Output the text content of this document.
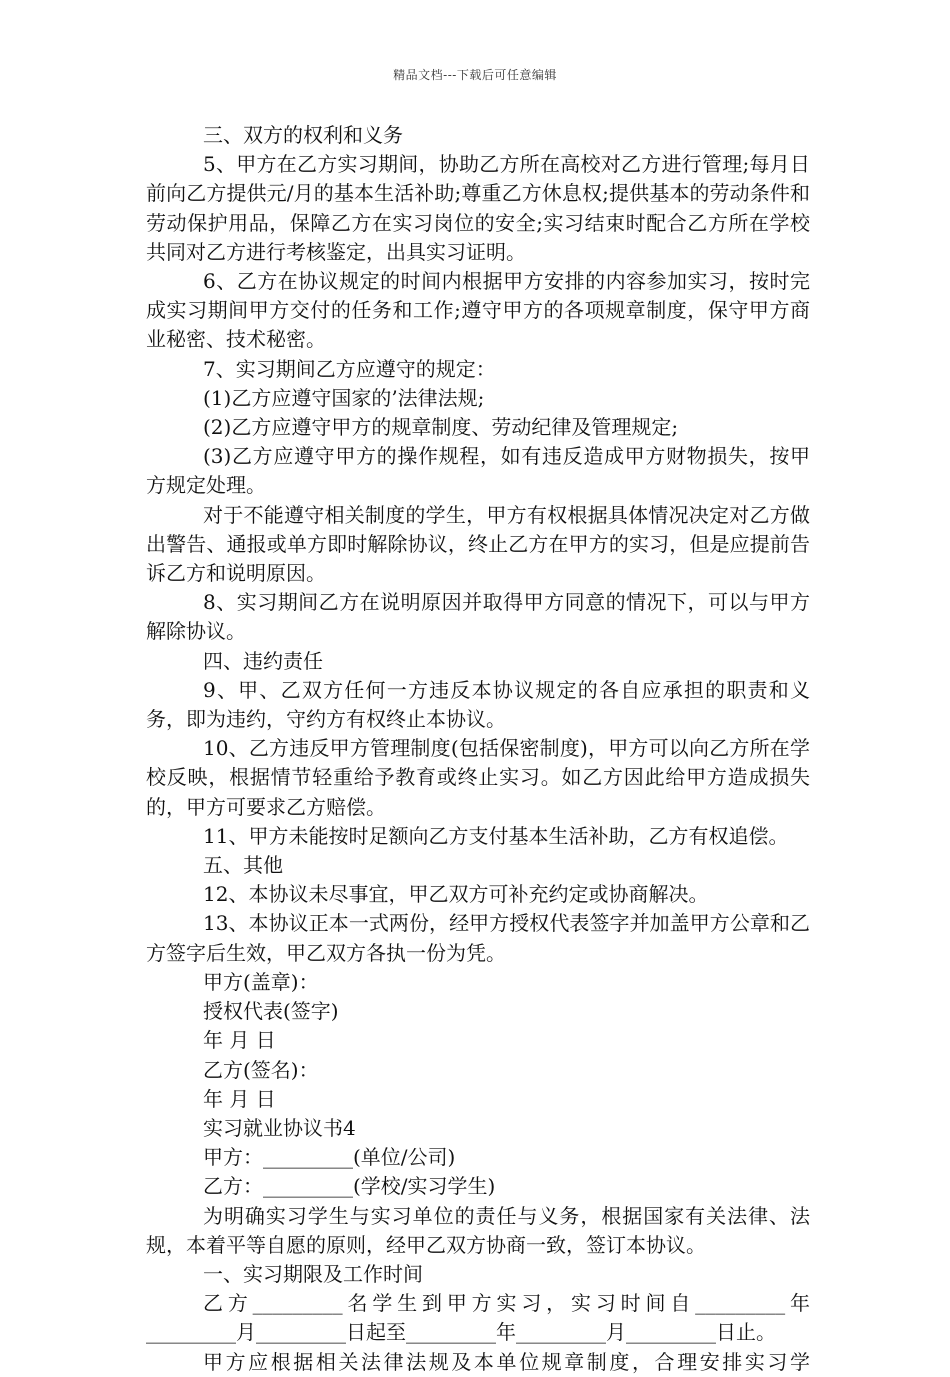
精品文档---下载后可任意编辑

三、双方的权利和义务

5、甲方在乙方实习期间，协助乙方所在高校对乙方进行管理;每月日前向乙方提供元/月的基本生活补助;尊重乙方休息权;提供基本的劳动条件和劳动保护用品，保障乙方在实习岗位的安全;实习结束时配合乙方所在学校共同对乙方进行考核鉴定，出具实习证明。

6、乙方在协议规定的时间内根据甲方安排的内容参加实习，按时完成实习期间甲方交付的任务和工作;遵守甲方的各项规章制度，保守甲方商业秘密、技术秘密。

7、实习期间乙方应遵守的规定：

(1)乙方应遵守国家的’法律法规;

(2)乙方应遵守甲方的规章制度、劳动纪律及管理规定;

(3)乙方应遵守甲方的操作规程，如有违反造成甲方财物损失，按甲方规定处理。

对于不能遵守相关制度的学生，甲方有权根据具体情况决定对乙方做出警告、通报或单方即时解除协议，终止乙方在甲方的实习，但是应提前告诉乙方和说明原因。

8、实习期间乙方在说明原因并取得甲方同意的情况下，可以与甲方解除协议。

四、违约责任

9、甲、乙双方任何一方违反本协议规定的各自应承担的职责和义务，即为违约，守约方有权终止本协议。

10、乙方违反甲方管理制度(包括保密制度)，甲方可以向乙方所在学校反映，根据情节轻重给予教育或终止实习。如乙方因此给甲方造成损失的，甲方可要求乙方赔偿。

11、甲方未能按时足额向乙方支付基本生活补助，乙方有权追偿。

五、其他

12、本协议未尽事宜，甲乙双方可补充约定或协商解决。

13、本协议正本一式两份，经甲方授权代表签字并加盖甲方公章和乙方签字后生效，甲乙双方各执一份为凭。

甲方(盖章)：

授权代表(签字)

年 月 日

乙方(签名)：

年 月 日

实习就业协议书4

甲方：_________(单位/公司)

乙方：_________(学校/实习学生)

为明确实习学生与实习单位的责任与义务，根据国家有关法律、法规，本着平等自愿的原则，经甲乙双方协商一致，签订本协议。

一、实习期限及工作时间

乙方_________名学生到甲方实习，实习时间自_________年_________月_________日起至_________年_________月_________日止。

甲方应根据相关法律法规及本单位规章制度，合理安排实习学
